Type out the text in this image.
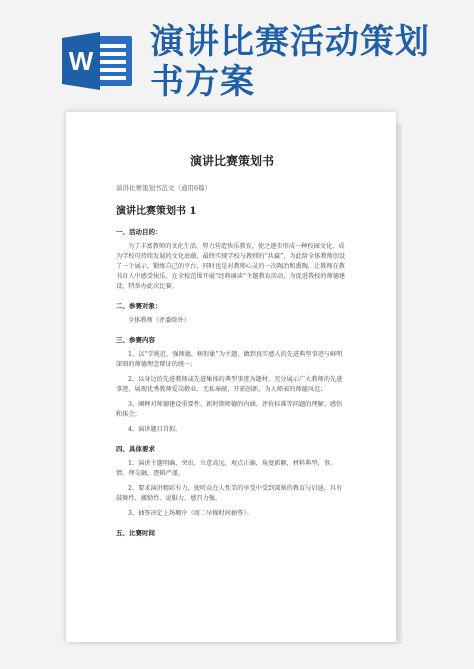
W 演讲比赛活动策划书方案
演讲比赛策划书
演讲比赛策划书范文（通用6篇）
演讲比赛策划书 1
一、活动目的：
为了丰富教师的文化生活，努力营造快乐教育，使之逐步形成一种校园文化，成为学校可持续发展的文化底蕴，最终实现学校与教师的“共赢”，为此给全体教师创设了一个展示、锻炼自己的平台，同时也是对教师心灵的一次陶冶和熏陶，让教师在教书育人中感受快乐、在全校范围开展“经典诵读”主题教育活动，为促进我校的师德建设，特举办此次比赛。
二、参赛对象：
全体教师（评委除外）
三、参赛内容
1、以“学规范、强师德、树形象”为主题，做到真实感人的先进典型事迹与鲜明深刻的师德理念辩证的统一；
2、以身边的先进教师或先进集体的典型事迹为题材，充分展示广大教师的先进事迹，展现优秀教师爱岗敬业、无私奉献、开拓创新，为人师表的师德风范；
3、阐释对师德建设重要性、新时期师德的内涵、评价标准等问题的理解、感悟和体会；
4、演讲题目自拟。
四、具体要求
1、演讲主题明确，突出，立意高远，观点正确，角度新颖，材料典型，事、情、理交融，逻辑严谨。
2、要求演讲精彩有力，使听众在人性美的享受中受到深刻的教育与启迪，具有鼓舞性、激励性、说服力、感召力强。
3、抽签决定上场顺序（周二早操时间抽签）。
五、比赛时间
